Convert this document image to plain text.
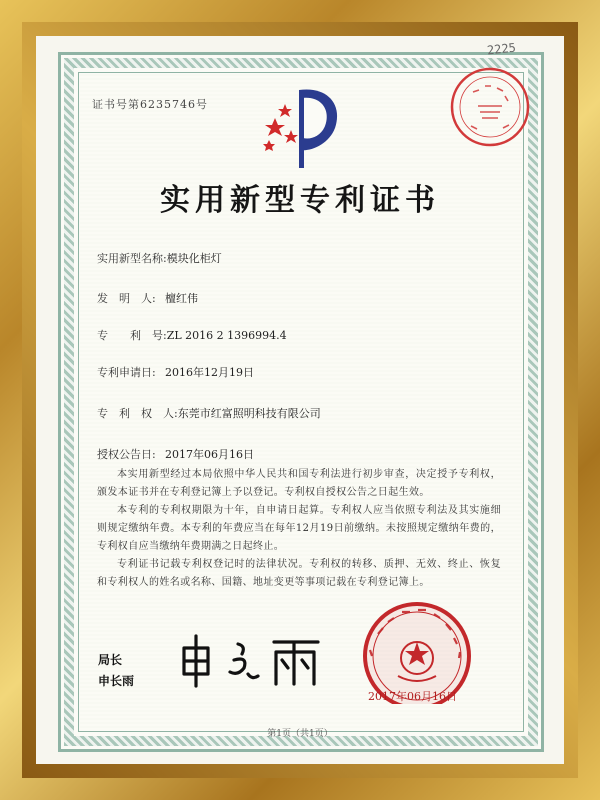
2225
证书号第6235746号
实用新型专利证书
实用新型名称:模块化柜灯
发　明　人: 檀红伟
专　　利　号:ZL 2016 2 1396994.4
专利申请日: 2016年12月19日
专　利　权　人:东莞市红富照明科技有限公司
授权公告日: 2017年06月16日

本实用新型经过本局依照中华人民共和国专利法进行初步审查，决定授予专利权，颁发本证书并在专利登记簿上予以登记。专利权自授权公告之日起生效。

本专利的专利权期限为十年，自申请日起算。专利权人应当依照专利法及其实施细则规定缴纳年费。本专利的年费应当在每年12月19日前缴纳。未按照规定缴纳年费的，专利权自应当缴纳年费期满之日起终止。

专利证书记载专利权登记时的法律状况。专利权的转移、质押、无效、终止、恢复和专利权人的姓名或名称、国籍、地址变更等事项记载在专利登记簿上。

局长
申长雨
2017年06月16日
第1页（共1页）
